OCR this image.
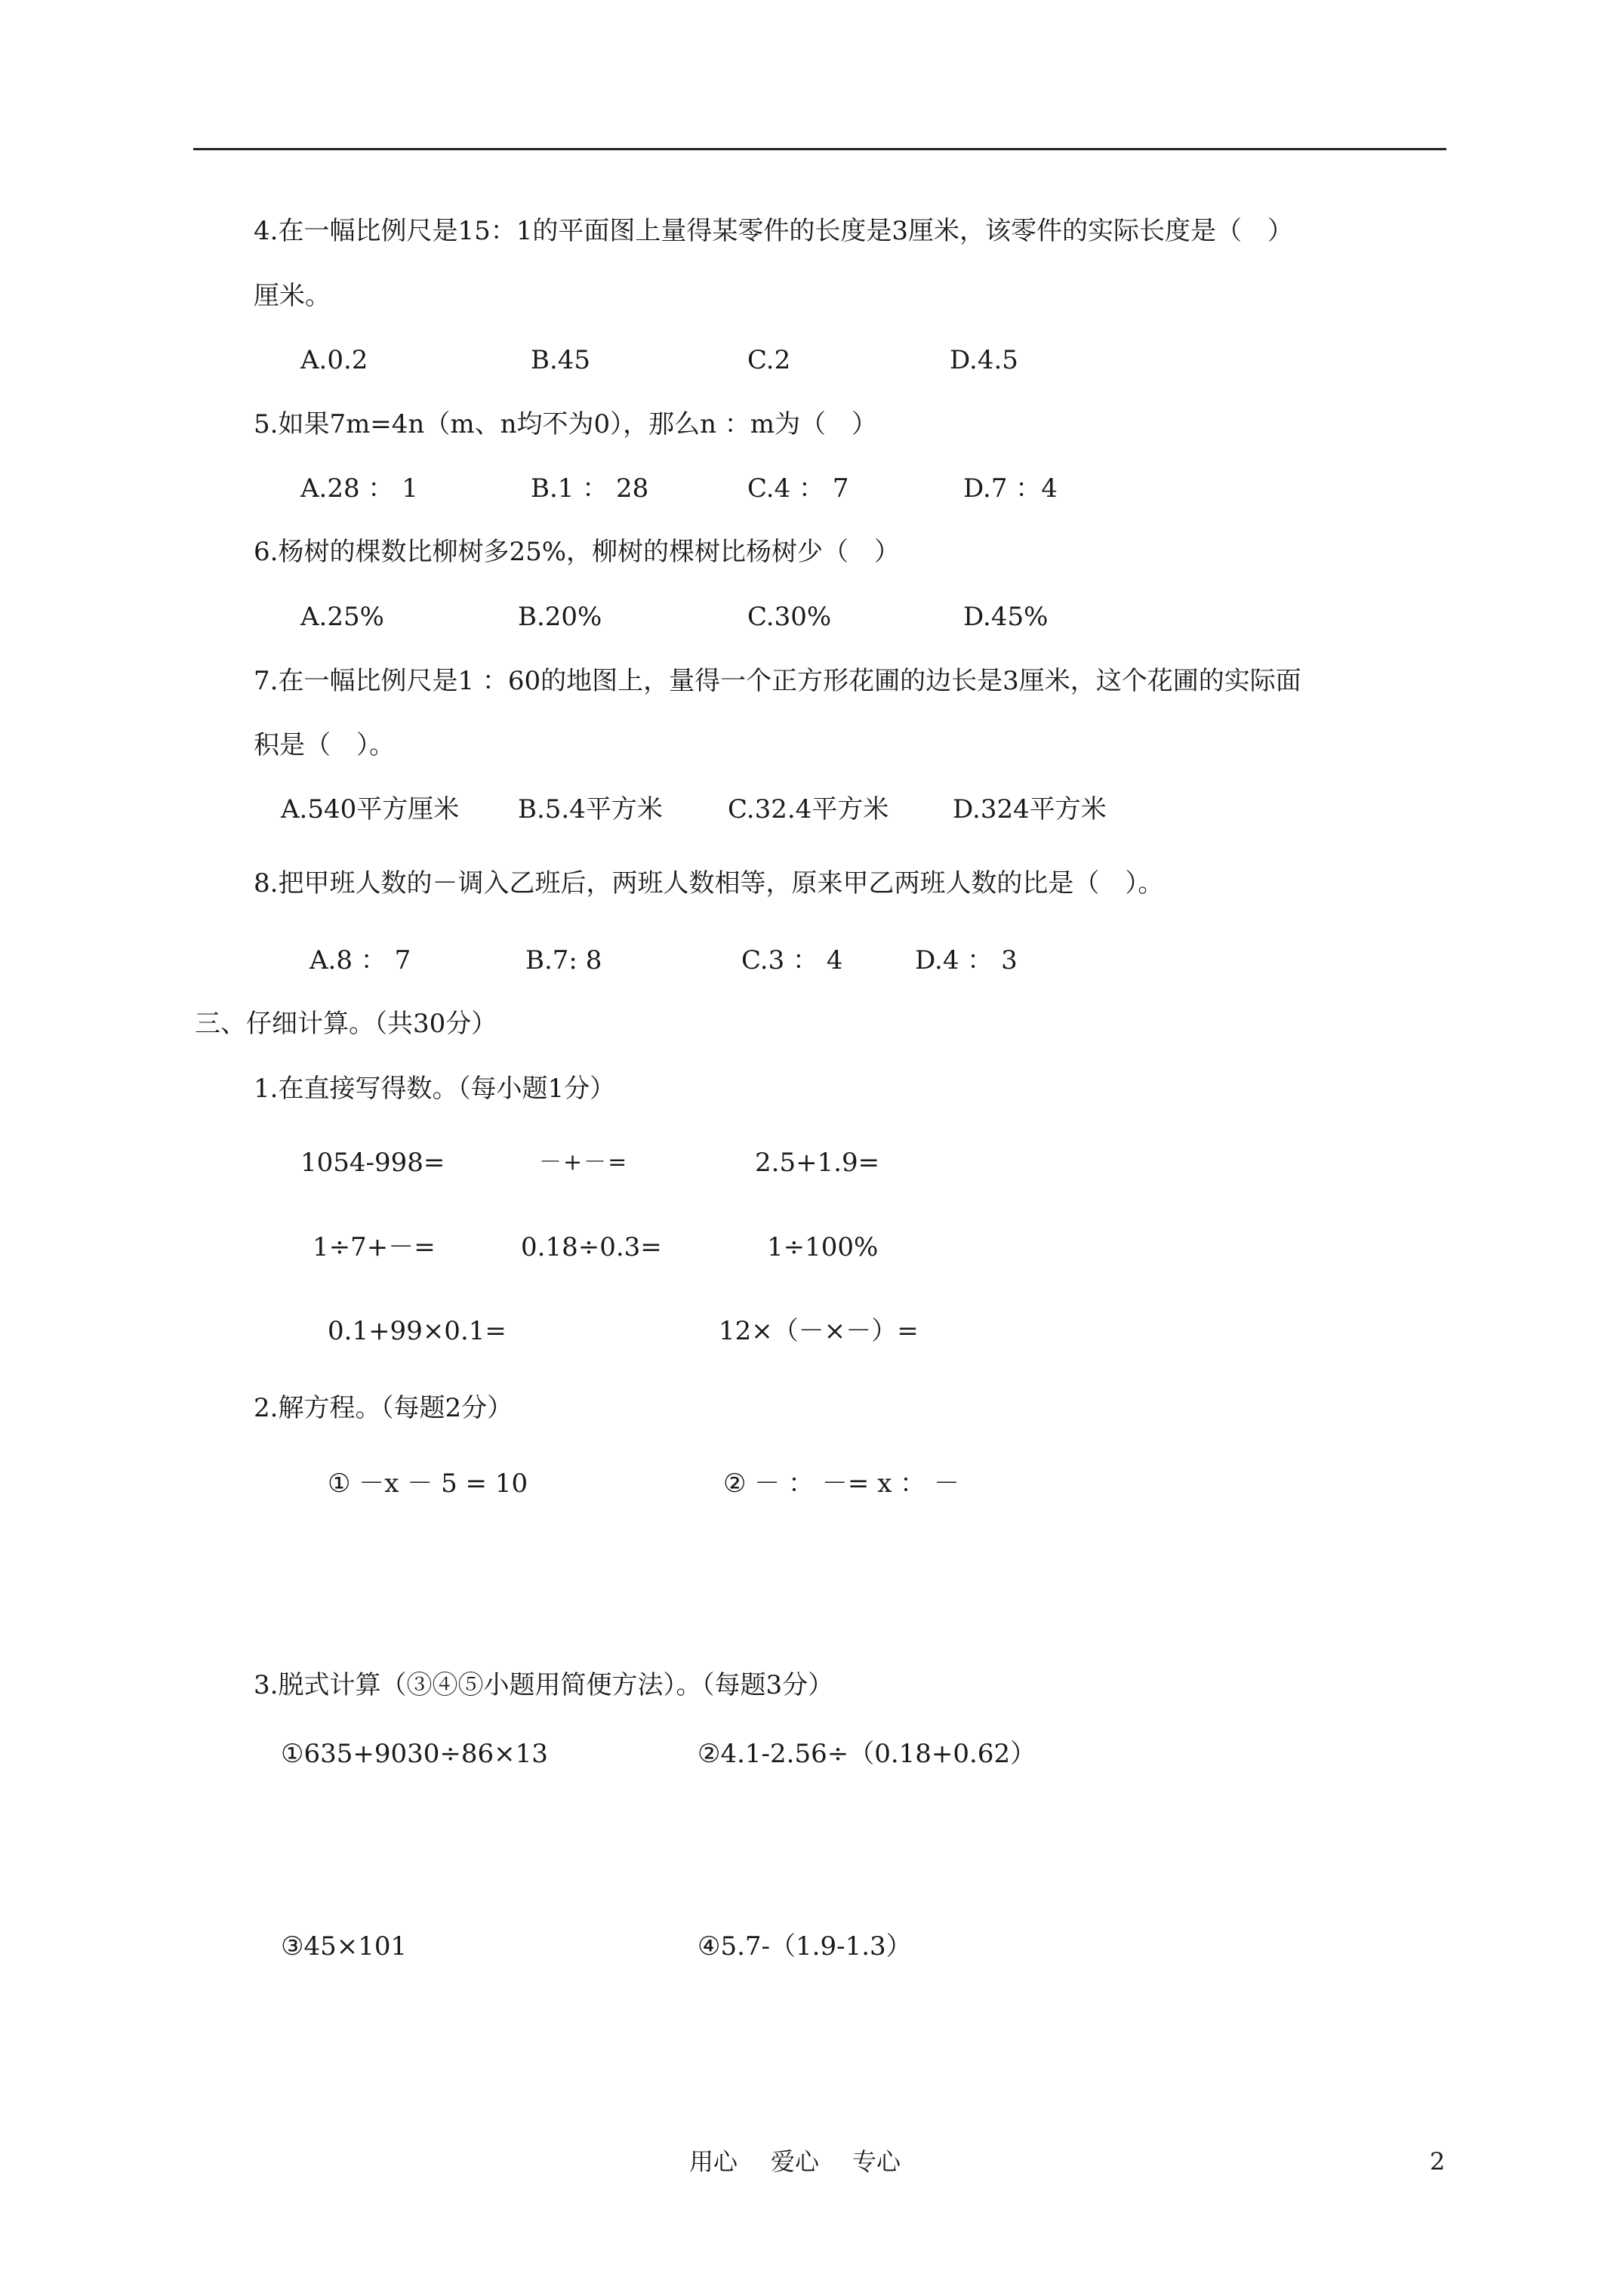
4.在一幅比例尺是15：1的平面图上量得某零件的长度是3厘米，该零件的实际长度是（　）
厘米。
A.0.2	B.45	C.2	D.4.5
5.如果7m=4n（m、n均不为0），那么n ：m为（　）
A.28 ： 1	B.1 ： 28	C.4 ： 7	D.7 ：4
6.杨树的棵数比柳树多25%，柳树的棵树比杨树少（　）
A.25%	B.20%	C.30%	D.45%
7.在一幅比例尺是1 ：60的地图上，量得一个正方形花圃的边长是3厘米，这个花圃的实际面
积是（　）。
A.540平方厘米 B.5.4平方米	C.32.4平方米 D.324平方米
8.把甲班人数的－调入乙班后，两班人数相等，原来甲乙两班人数的比是（　）。
A.8 ： 7	B.7: 8	C.3 ： 4	D.4 ： 3
三、仔细计算。（共30分）
1.在直接写得数。（每小题1分）
1054-998=	－+－=	2.5+1.9=
1÷7+－=	0.18÷0.3=	1÷100%
0.1+99×0.1=	12×（－×－）=
2.解方程。（每题2分）
① －x － 5 = 10	② － ： －= x ： －
3.脱式计算（③④⑤小题用简便方法）。（每题3分）
①635+9030÷86×13	②4.1-2.56÷（0.18+0.62）
③45×101	④5.7-（1.9-1.3）
用心 爱心 专心	2
